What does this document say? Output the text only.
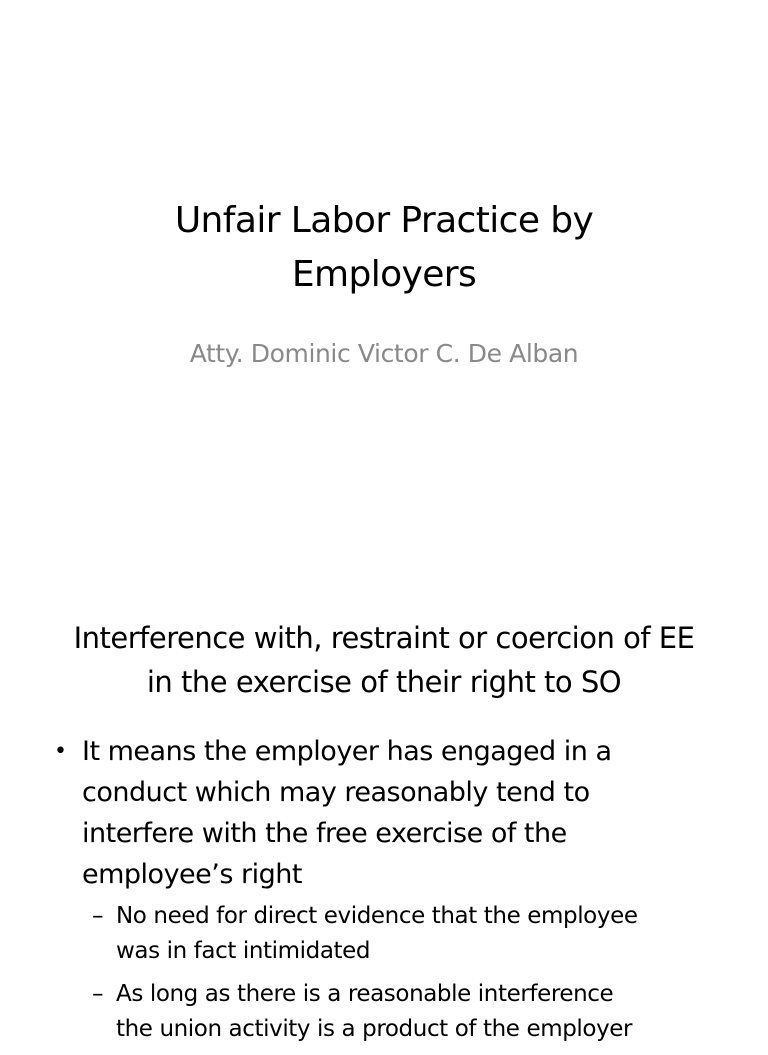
Unfair Labor Practice by
Employers

Atty. Dominic Victor C. De Alban

Interference with, restraint or coercion of EE
in the exercise of their right to SO
• It means the employer has engaged in a conduct which may reasonably tend to interfere with the free exercise of the employee’s right
– No need for direct evidence that the employee was in fact intimidated
– As long as there is a reasonable interference the union activity is a product of the employer
